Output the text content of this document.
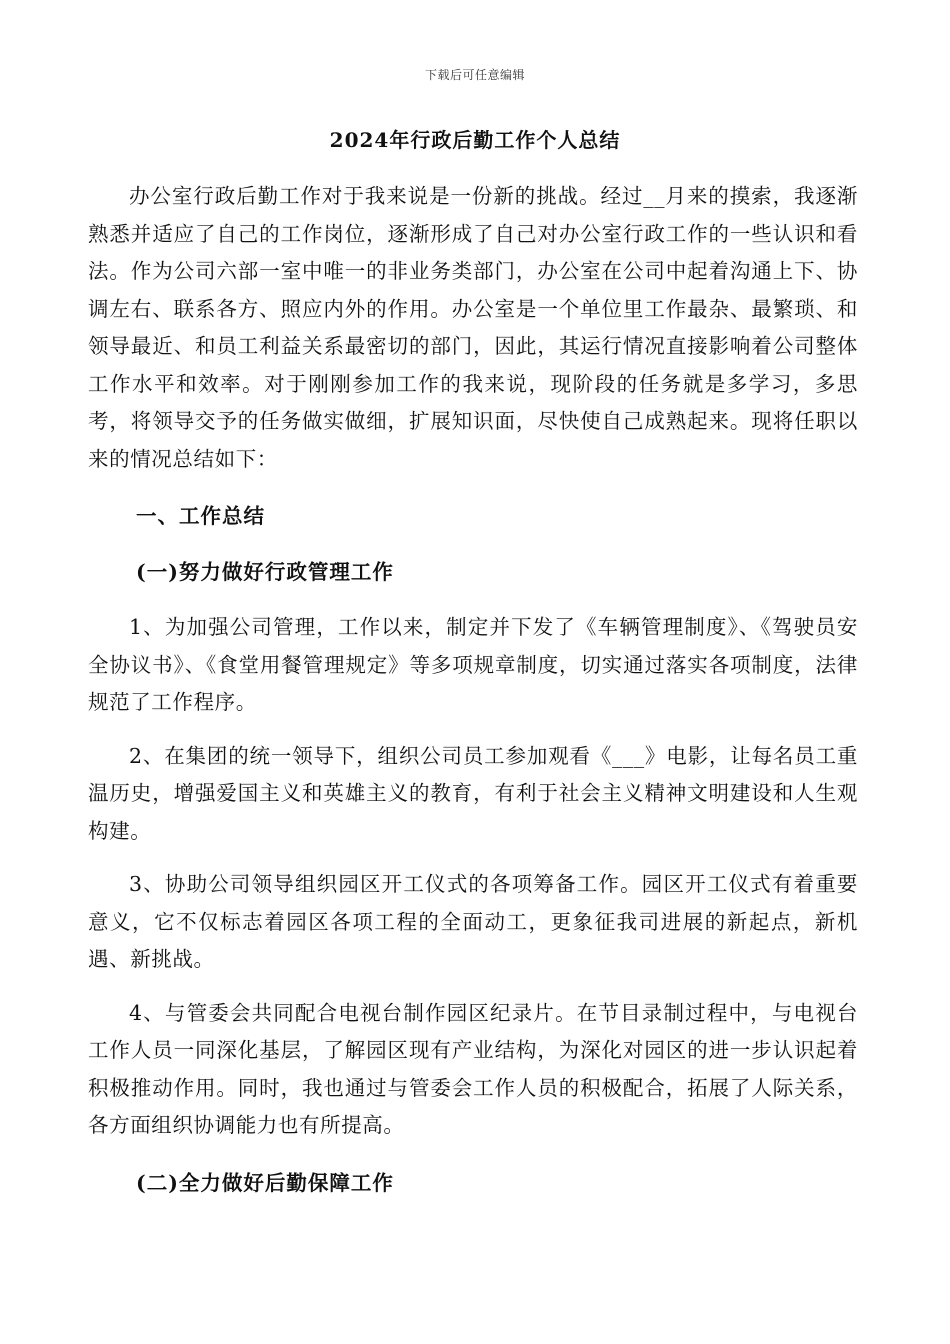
下载后可任意编辑
2024年行政后勤工作个人总结

办公室行政后勤工作对于我来说是一份新的挑战。经过__月来的摸索，我逐渐熟悉并适应了自己的工作岗位，逐渐形成了自己对办公室行政工作的一些认识和看法。作为公司六部一室中唯一的非业务类部门，办公室在公司中起着沟通上下、协调左右、联系各方、照应内外的作用。办公室是一个单位里工作最杂、最繁琐、和领导最近、和员工利益关系最密切的部门，因此，其运行情况直接影响着公司整体工作水平和效率。对于刚刚参加工作的我来说，现阶段的任务就是多学习，多思考，将领导交予的任务做实做细，扩展知识面，尽快使自己成熟起来。现将任职以来的情况总结如下：

一、工作总结

(一)努力做好行政管理工作

1、为加强公司管理，工作以来，制定并下发了《车辆管理制度》、《驾驶员安全协议书》、《食堂用餐管理规定》等多项规章制度，切实通过落实各项制度，法律规范了工作程序。

2、在集团的统一领导下，组织公司员工参加观看《___》电影，让每名员工重温历史，增强爱国主义和英雄主义的教育，有利于社会主义精神文明建设和人生观构建。

3、协助公司领导组织园区开工仪式的各项筹备工作。园区开工仪式有着重要意义，它不仅标志着园区各项工程的全面动工，更象征我司进展的新起点，新机遇、新挑战。

4、与管委会共同配合电视台制作园区纪录片。在节目录制过程中，与电视台工作人员一同深化基层，了解园区现有产业结构，为深化对园区的进一步认识起着积极推动作用。同时，我也通过与管委会工作人员的积极配合，拓展了人际关系，各方面组织协调能力也有所提高。

(二)全力做好后勤保障工作
